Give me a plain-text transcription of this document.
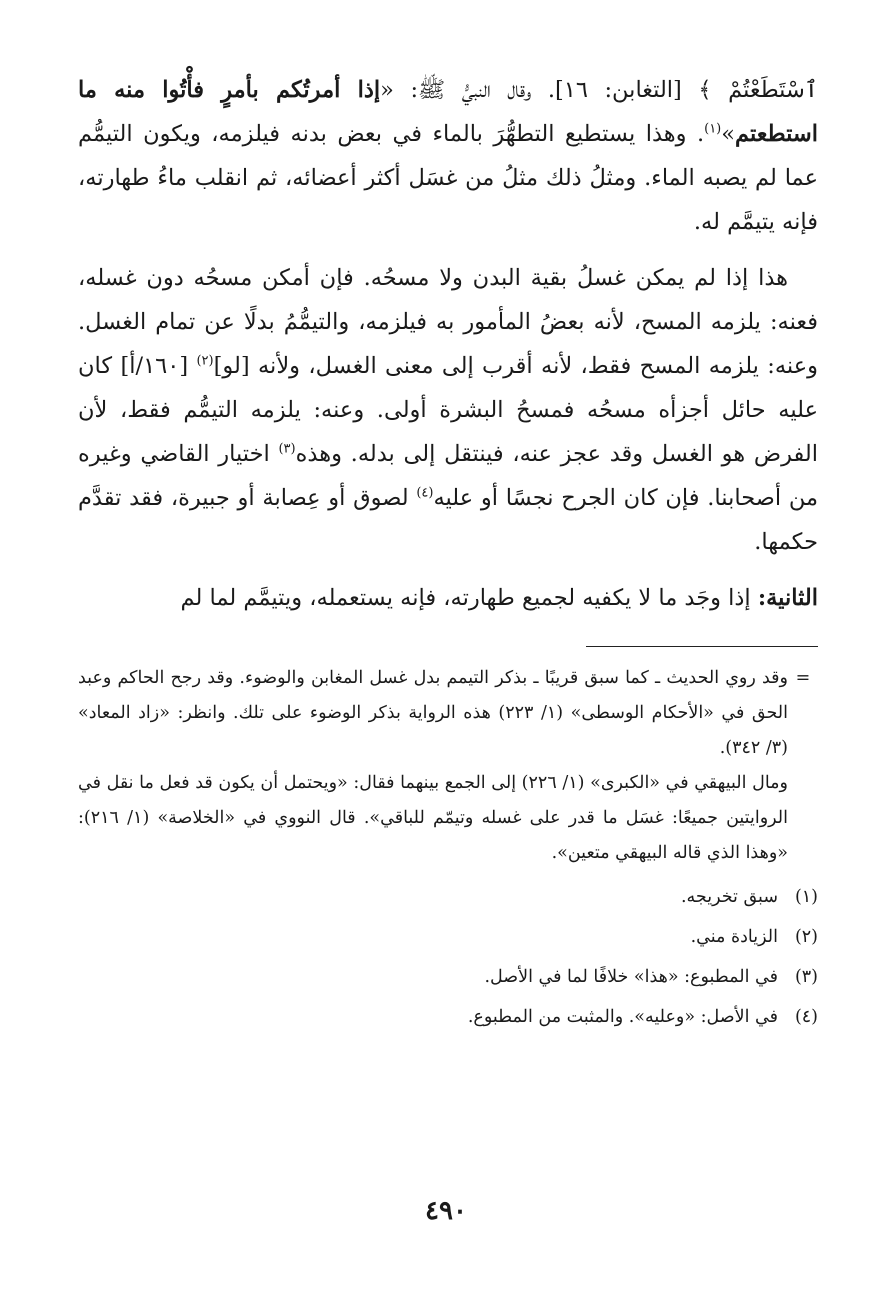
ٱسْتَطَعْتُمْ ﴾ [التغابن: ١٦]. وقال النبيُّ ﷺ: «إذا أمرتُكم بأمرٍ فأْتُوا منه ما استطعتم»$^{(١)}$. وهذا يستطيع التطهُّرَ بالماء في بعض بدنه فيلزمه، ويكون التيمُّم عما لم يصبه الماء. ومثلُ ذلك مثلُ من غسَل أكثر أعضائه، ثم انقلب ماءُ طهارته، فإنه يتيمَّم له.

هذا إذا لم يمكن غسلُ بقية البدن ولا مسحُه. فإن أمكن مسحُه دون غسله، فعنه: يلزمه المسح، لأنه بعضُ المأمور به فيلزمه، والتيمُّمُ بدلًا عن تمام الغسل. وعنه: يلزمه المسح فقط، لأنه أقرب إلى معنى الغسل، ولأنه [لو]$^{(٢)}$ [١٦٠/أ] كان عليه حائل أجزأه مسحُه فمسحُ البشرة أولى. وعنه: يلزمه التيمُّم فقط، لأن الفرض هو الغسل وقد عجز عنه، فينتقل إلى بدله. وهذه$^{(٣)}$ اختيار القاضي وغيره من أصحابنا. فإن كان الجرح نجسًا أو عليه$^{(٤)}$ لصوق أو عِصابة أو جبيرة، فقد تقدَّم حكمها.

الثانية: إذا وجَد ما لا يكفيه لجميع طهارته، فإنه يستعمله، ويتيمَّم لما لم

=

وقد روي الحديث ـ كما سبق قريبًا ـ بذكر التيمم بدل غسل المغابن والوضوء. وقد رجح الحاكم وعبد الحق في «الأحكام الوسطى» (١/ ٢٢٣) هذه الرواية بذكر الوضوء على تلك. وانظر: «زاد المعاد» (٣/ ٣٤٢).

ومال البيهقي في «الكبرى» (١/ ٢٢٦) إلى الجمع بينهما فقال: «ويحتمل أن يكون قد فعل ما نقل في الروايتين جميعًا: غسَل ما قدر على غسله وتيمّم للباقي». قال النووي في «الخلاصة» (١/ ٢١٦): «وهذا الذي قاله البيهقي متعين».

(١)
سبق تخريجه.
(٢)
الزيادة مني.
(٣)
في المطبوع: «هذا» خلافًا لما في الأصل.
(٤)
في الأصل: «وعليه». والمثبت من المطبوع.
٤٩٠
